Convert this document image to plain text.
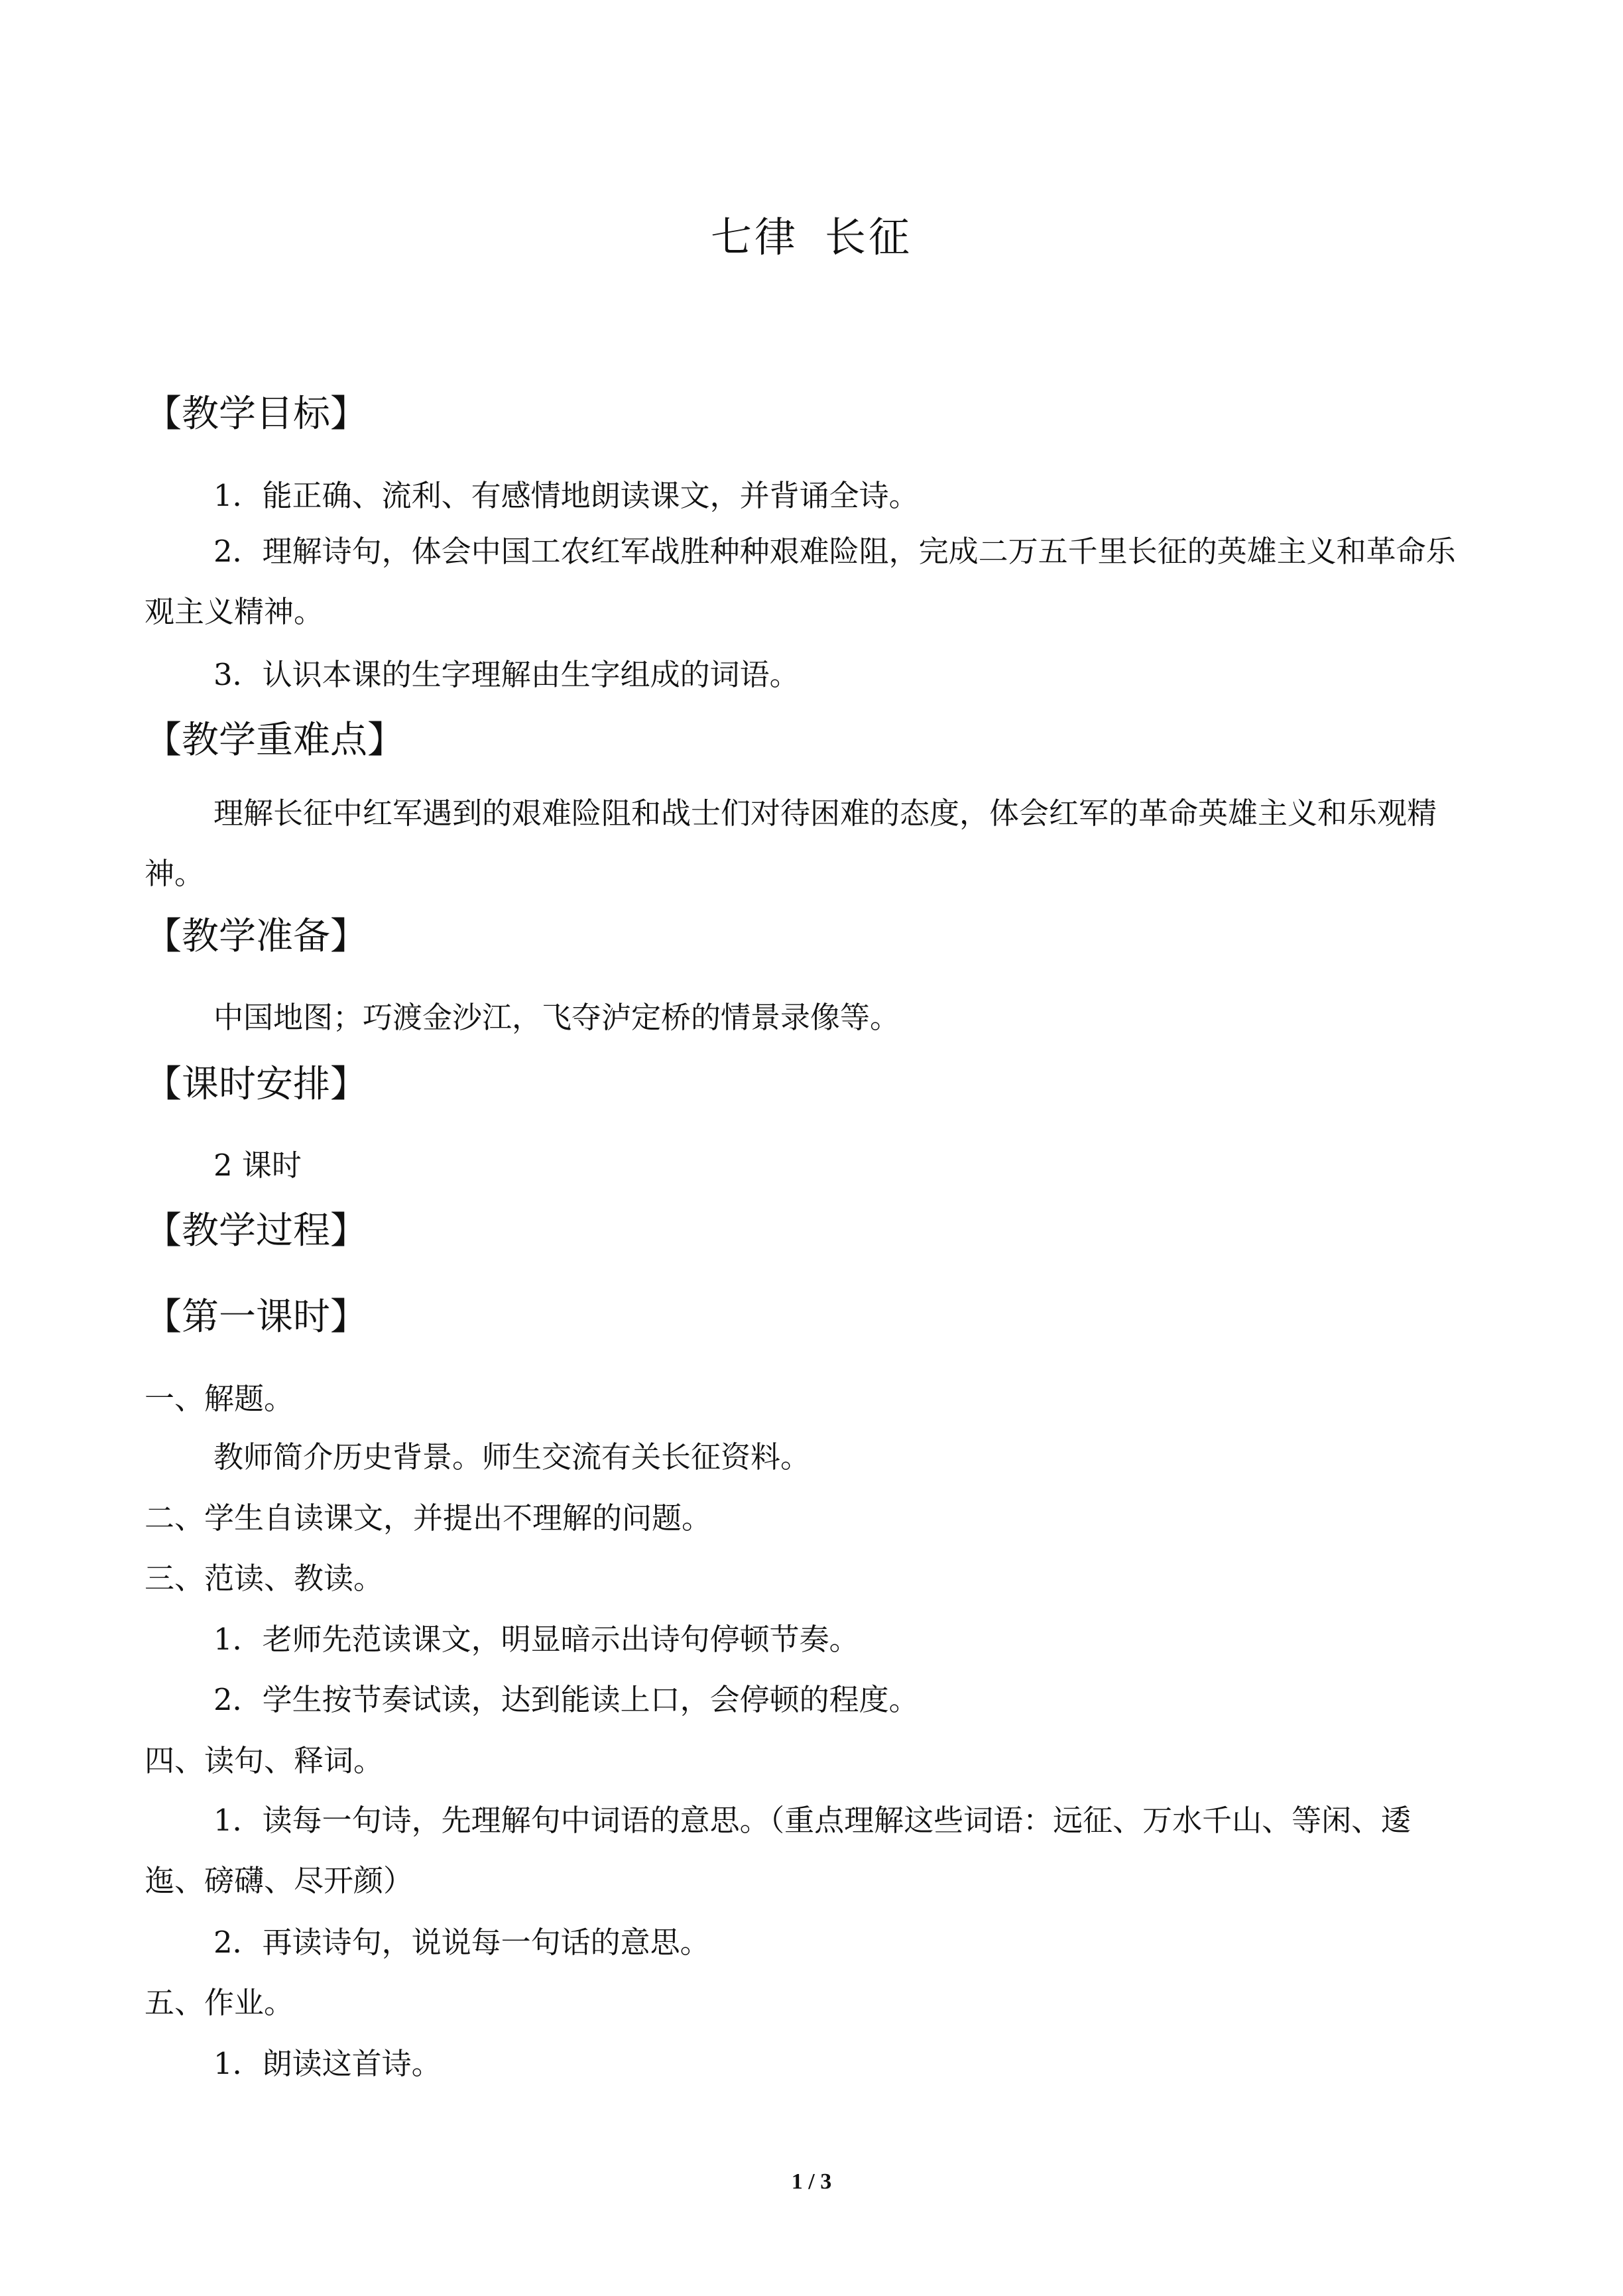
七律 长征
【教学目标】
1．能正确、流利、有感情地朗读课文，并背诵全诗。
2．理解诗句，体会中国工农红军战胜种种艰难险阻，完成二万五千里长征的英雄主义和革命乐观主义精神。
3．认识本课的生字理解由生字组成的词语。
【教学重难点】
理解长征中红军遇到的艰难险阻和战士们对待困难的态度，体会红军的革命英雄主义和乐观精神。
【教学准备】
中国地图；巧渡金沙江，飞夺泸定桥的情景录像等。
【课时安排】
2 课时
【教学过程】
【第一课时】
一、解题。
教师简介历史背景。师生交流有关长征资料。
二、学生自读课文，并提出不理解的问题。
三、范读、教读。
1．老师先范读课文，明显暗示出诗句停顿节奏。
2．学生按节奏试读，达到能读上口，会停顿的程度。
四、读句、释词。
1．读每一句诗，先理解句中词语的意思。（重点理解这些词语：远征、万水千山、等闲、逶迤、磅礴、尽开颜）
2．再读诗句，说说每一句话的意思。
五、作业。
1．朗读这首诗。
1 / 3
